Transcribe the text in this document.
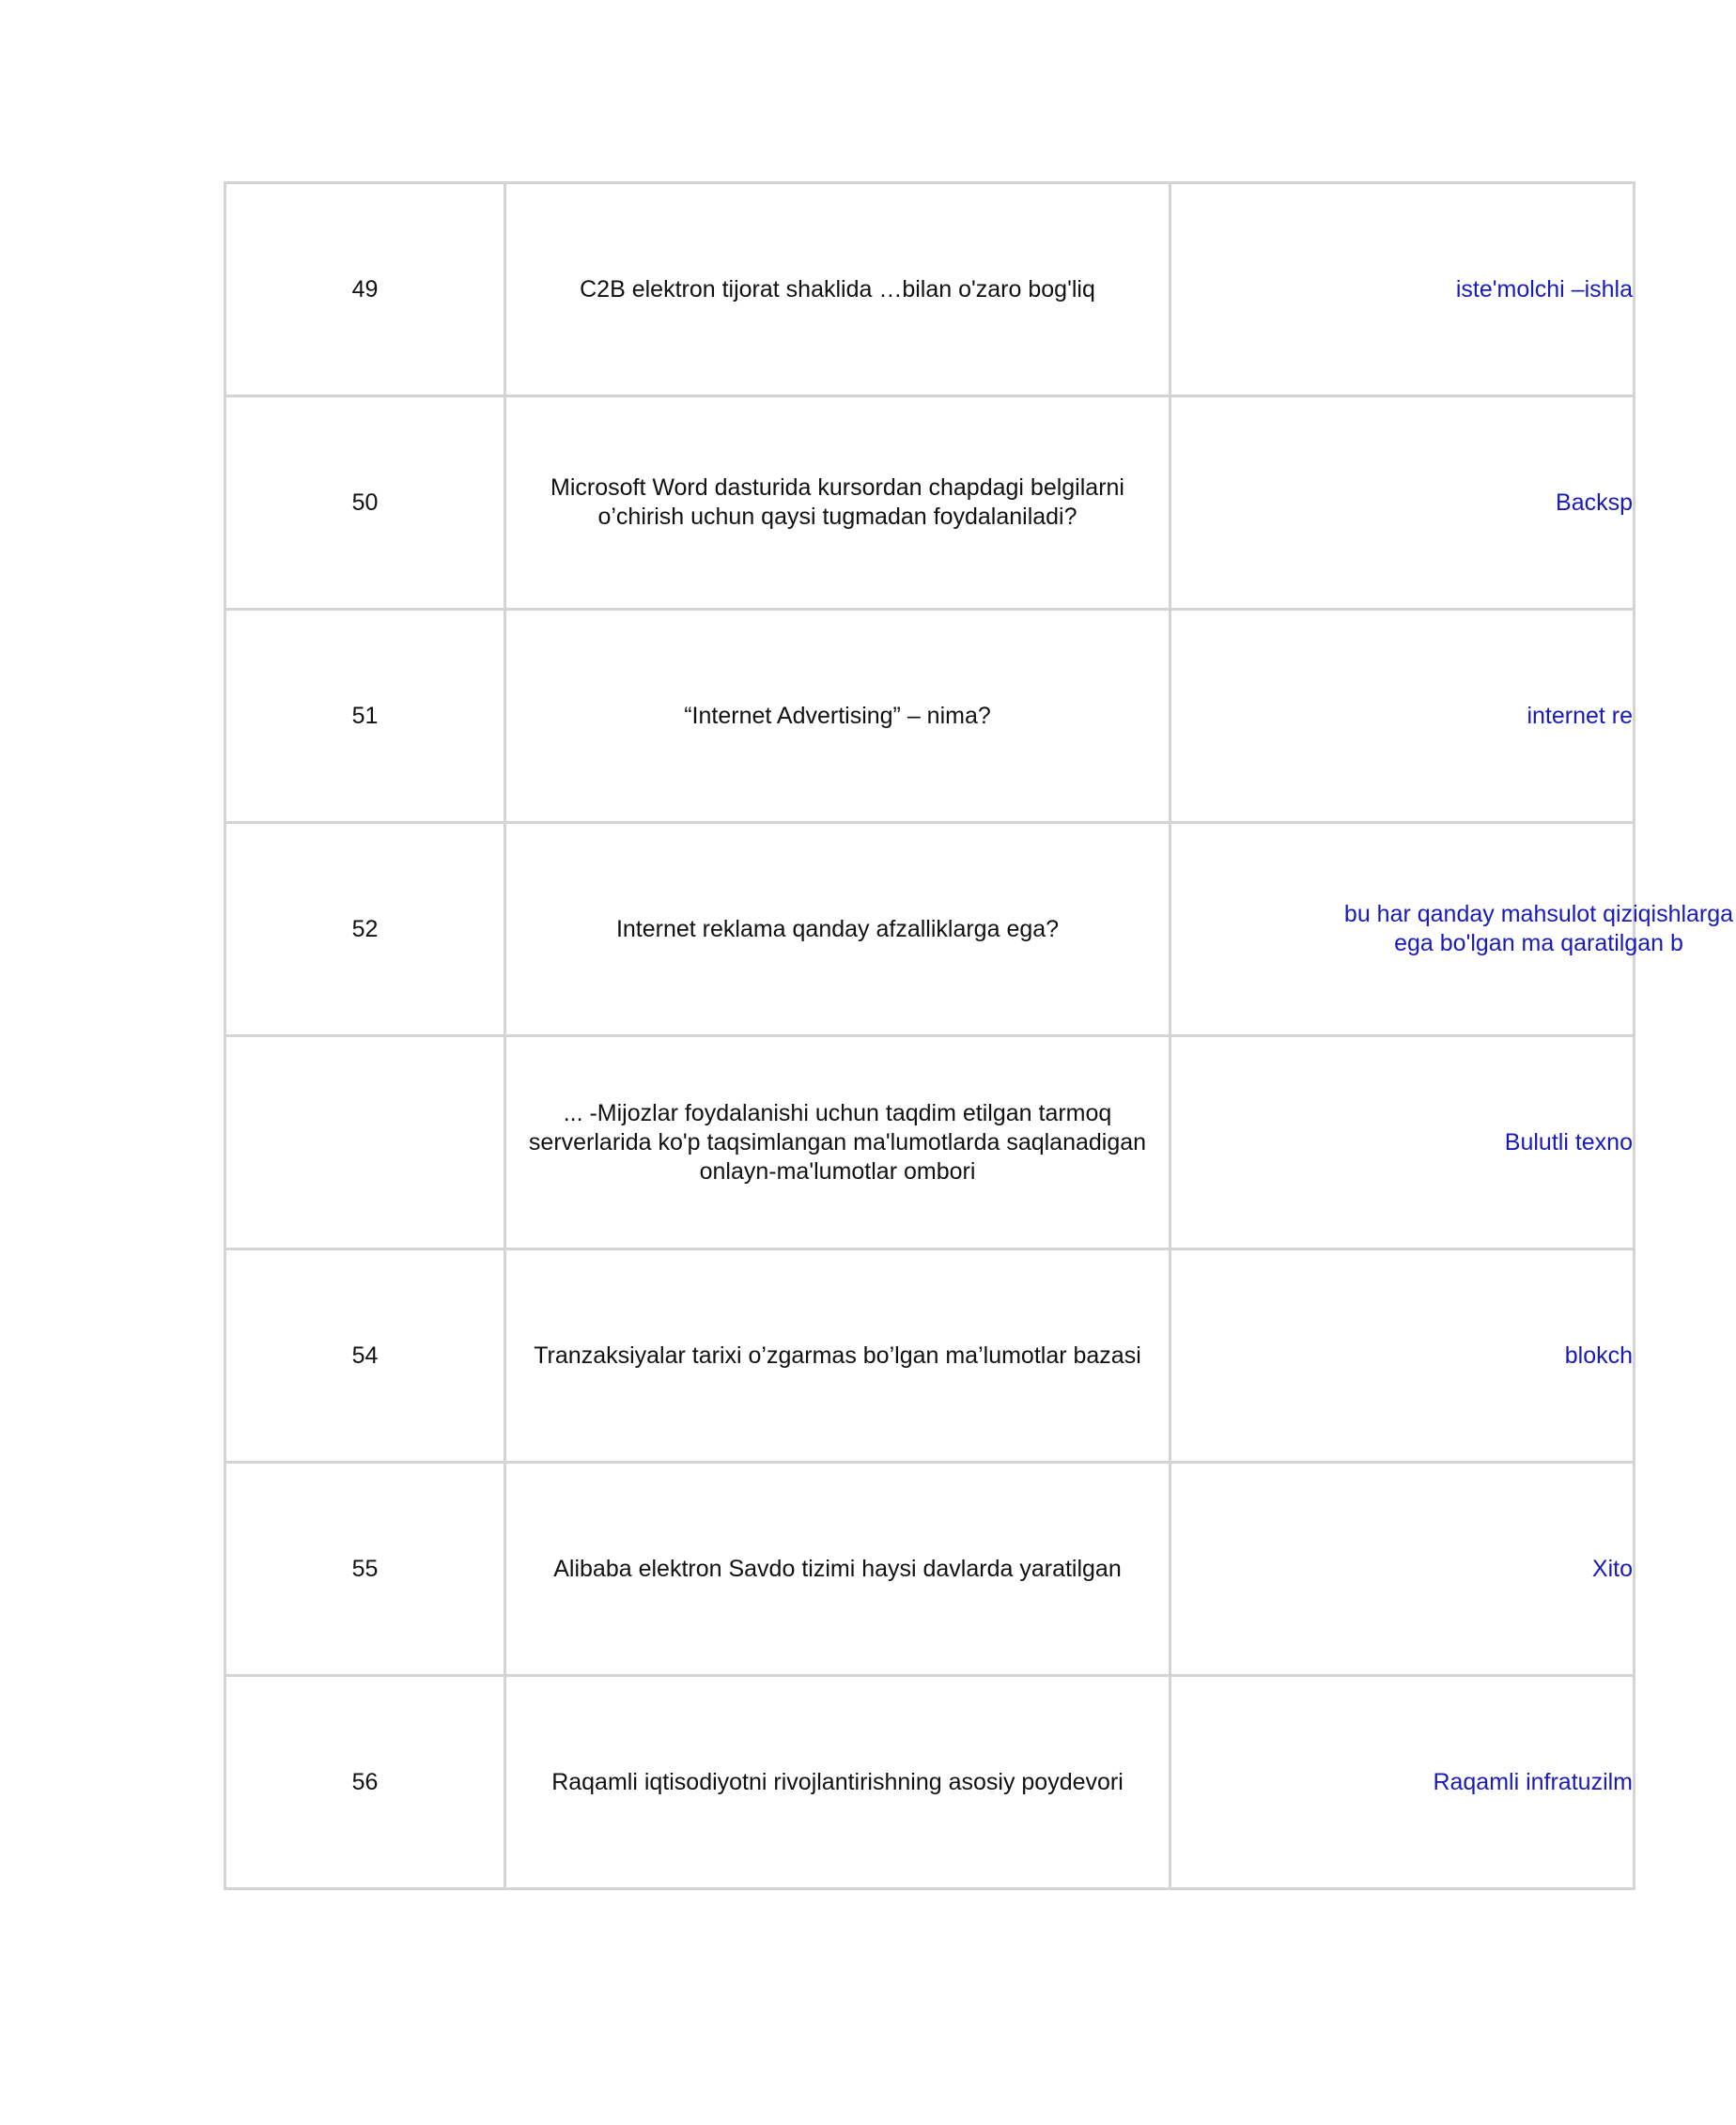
49	C2B elektron tijorat shaklida …bilan o'zaro bog'liq	iste'molchi –ishla

50	Microsoft Word dasturida kursordan chapdagi belgilarni o’chirish uchun qaysi tugmadan foydalaniladi?	Backsp

51	“Internet Advertising” – nima?	internet re

52	Internet reklama qanday afzalliklarga ega?	bu har qanday mahsulot qiziqishlarga ega bo'lgan ma qaratilgan b
	... -Mijozlar foydalanishi uchun taqdim etilgan tarmoq serverlarida ko'p taqsimlangan ma'lumotlarda saqlanadigan onlayn-ma'lumotlar ombori	Bulutli texno

54	Tranzaksiyalar tarixi o’zgarmas bo’lgan ma’lumotlar bazasi	blokch

55	Alibaba elektron Savdo tizimi haysi davlarda yaratilgan	Xito

56	Raqamli iqtisodiyotni rivojlantirishning asosiy poydevori	Raqamli infratuzilm
